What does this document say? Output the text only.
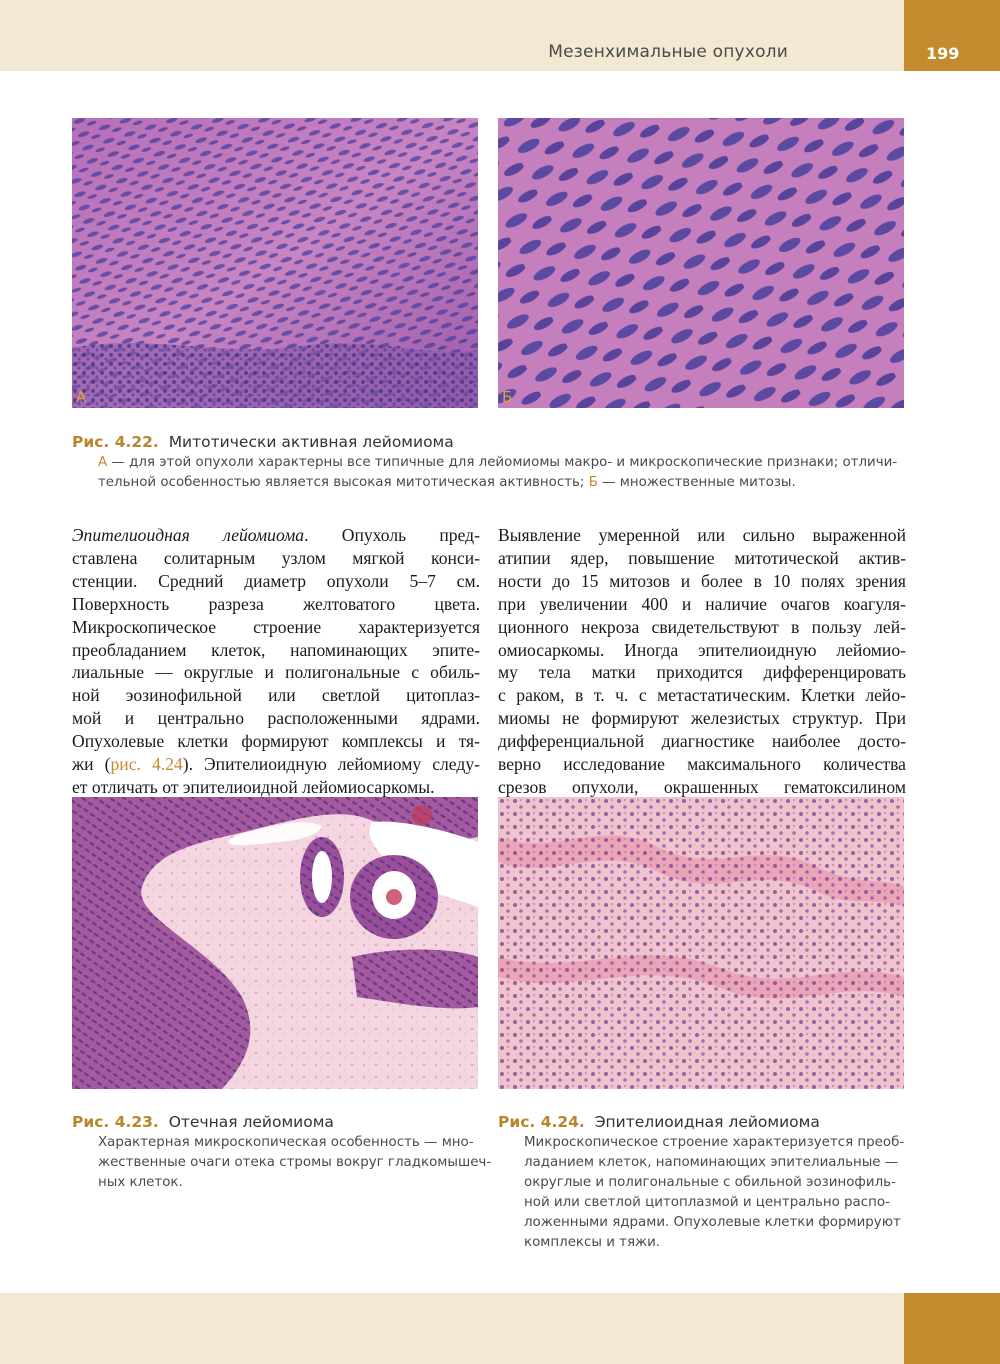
Мезенхимальные опухоли	199
А	Б
Рис. 4.22. Митотически активная лейомиома
А — для этой опухоли характерны все типичные для лейомиомы макро- и микроскопические признаки; отличи-
тельной особенностью является высокая митотическая активность; Б — множественные митозы.
Эпителиоидная лейомиома. Опухоль пред-
ставлена солитарным узлом мягкой конси-
стенции. Средний диаметр опухоли 5–7 см.
Поверхность разреза желтоватого цвета.
Микроскопическое строение характеризуется
преобладанием клеток, напоминающих эпите-
лиальные — округлые и полигональные с обиль-
ной эозинофильной или светлой цитоплаз-
мой и центрально расположенными ядрами.
Опухолевые клетки формируют комплексы и тя-
жи (рис. 4.24). Эпителиоидную лейомиому следу-
ет отличать от эпителиоидной лейомиосаркомы.
Выявление умеренной или сильно выраженной
атипии ядер, повышение митотической актив-
ности до 15 митозов и более в 10 полях зрения
при увеличении 400 и наличие очагов коагуля-
ционного некроза свидетельствуют в пользу лей-
омиосаркомы. Иногда эпителиоидную лейомио-
му тела матки приходится дифференцировать
с раком, в т. ч. с метастатическим. Клетки лейо-
миомы не формируют железистых структур. При
дифференциальной диагностике наиболее досто-
верно исследование максимального количества
срезов опухоли, окрашенных гематоксилином
Рис. 4.23. Отечная лейомиома
Характерная микроскопическая особенность — мно-
жественные очаги отека стромы вокруг гладкомышеч-
ных клеток.
Рис. 4.24. Эпителиоидная лейомиома
Микроскопическое строение характеризуется преоб-
ладанием клеток, напоминающих эпителиальные —
округлые и полигональные с обильной эозинофиль-
ной или светлой цитоплазмой и центрально распо-
ложенными ядрами. Опухолевые клетки формируют
комплексы и тяжи.
